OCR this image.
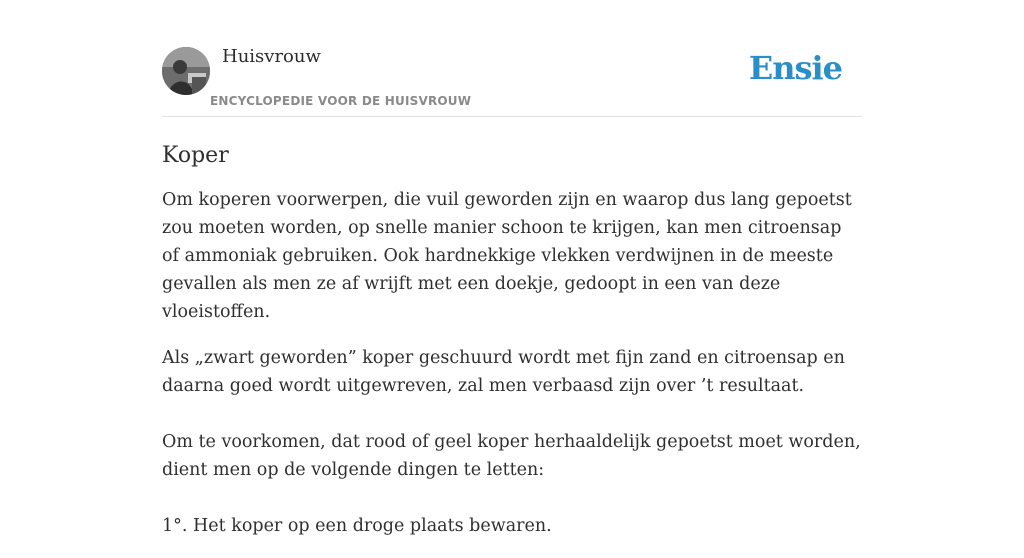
Huisvrouw
ENCYCLOPEDIE VOOR DE HUISVROUW
Ensie
Koper

Om koperen voorwerpen, die vuil geworden zijn en waarop dus lang gepoetst zou moeten worden, op snelle manier schoon te krijgen, kan men citroensap of ammoniak gebruiken. Ook hardnekkige vlekken verdwijnen in de meeste gevallen als men ze af wrijft met een doekje, gedoopt in een van deze vloeistoffen.

Als „zwart geworden” koper geschuurd wordt met fijn zand en citroensap en daarna goed wordt uitgewreven, zal men verbaasd zijn over ’t resultaat.

Om te voorkomen, dat rood of geel koper herhaaldelijk gepoetst moet worden, dient men op de volgende dingen te letten:

1°. Het koper op een droge plaats bewaren.
